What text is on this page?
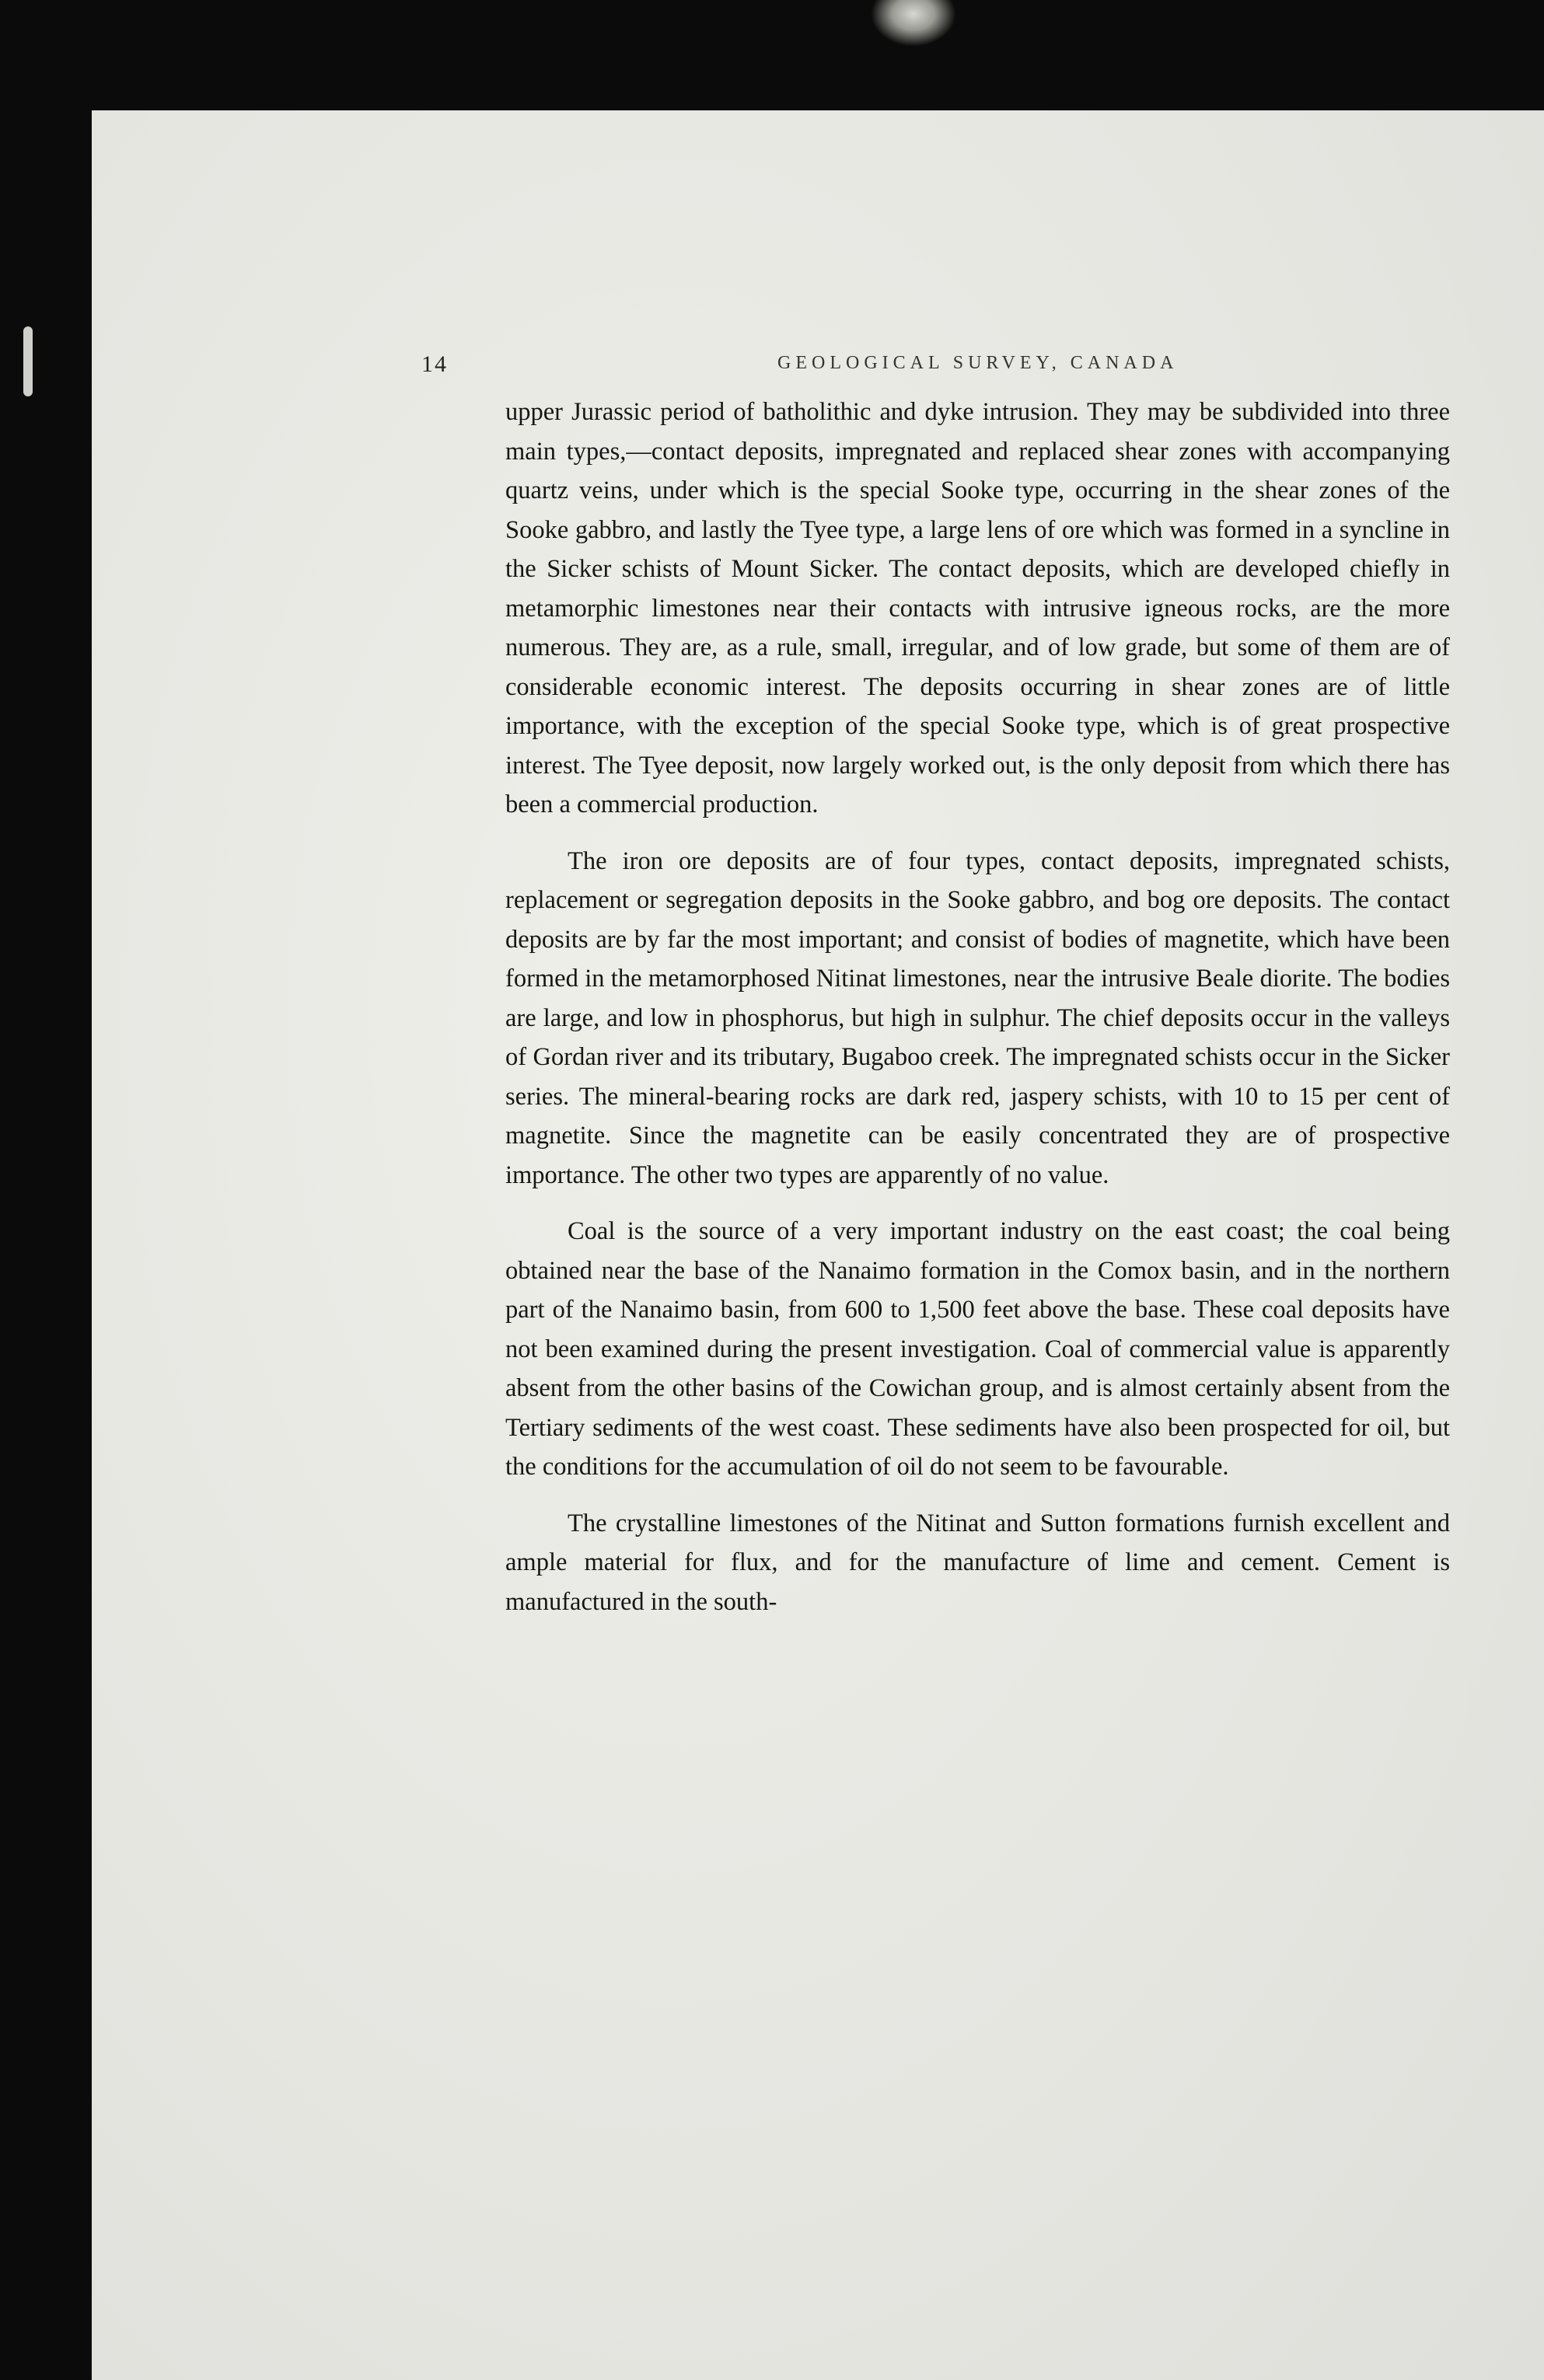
14	GEOLOGICAL SURVEY, CANADA

upper Jurassic period of batholithic and dyke intrusion. They may be subdivided into three main types,—contact deposits, impregnated and replaced shear zones with accompanying quartz veins, under which is the special Sooke type, occurring in the shear zones of the Sooke gabbro, and lastly the Tyee type, a large lens of ore which was formed in a syncline in the Sicker schists of Mount Sicker. The contact deposits, which are developed chiefly in metamorphic limestones near their contacts with intrusive igneous rocks, are the more numerous. They are, as a rule, small, irregular, and of low grade, but some of them are of considerable economic interest. The deposits occurring in shear zones are of little importance, with the exception of the special Sooke type, which is of great prospective interest. The Tyee deposit, now largely worked out, is the only deposit from which there has been a commercial production.

The iron ore deposits are of four types, contact deposits, impregnated schists, replacement or segregation deposits in the Sooke gabbro, and bog ore deposits. The contact deposits are by far the most important; and consist of bodies of magnetite, which have been formed in the metamorphosed Nitinat limestones, near the intrusive Beale diorite. The bodies are large, and low in phosphorus, but high in sulphur. The chief deposits occur in the valleys of Gordan river and its tributary, Bugaboo creek. The impregnated schists occur in the Sicker series. The mineral-bearing rocks are dark red, jaspery schists, with 10 to 15 per cent of magnetite. Since the magnetite can be easily concentrated they are of prospective importance. The other two types are apparently of no value.

Coal is the source of a very important industry on the east coast; the coal being obtained near the base of the Nanaimo formation in the Comox basin, and in the northern part of the Nanaimo basin, from 600 to 1,500 feet above the base. These coal deposits have not been examined during the present investigation. Coal of commercial value is apparently absent from the other basins of the Cowichan group, and is almost certainly absent from the Tertiary sediments of the west coast. These sediments have also been prospected for oil, but the conditions for the accumulation of oil do not seem to be favourable.

The crystalline limestones of the Nitinat and Sutton formations furnish excellent and ample material for flux, and for the manufacture of lime and cement. Cement is manufactured in the south-
